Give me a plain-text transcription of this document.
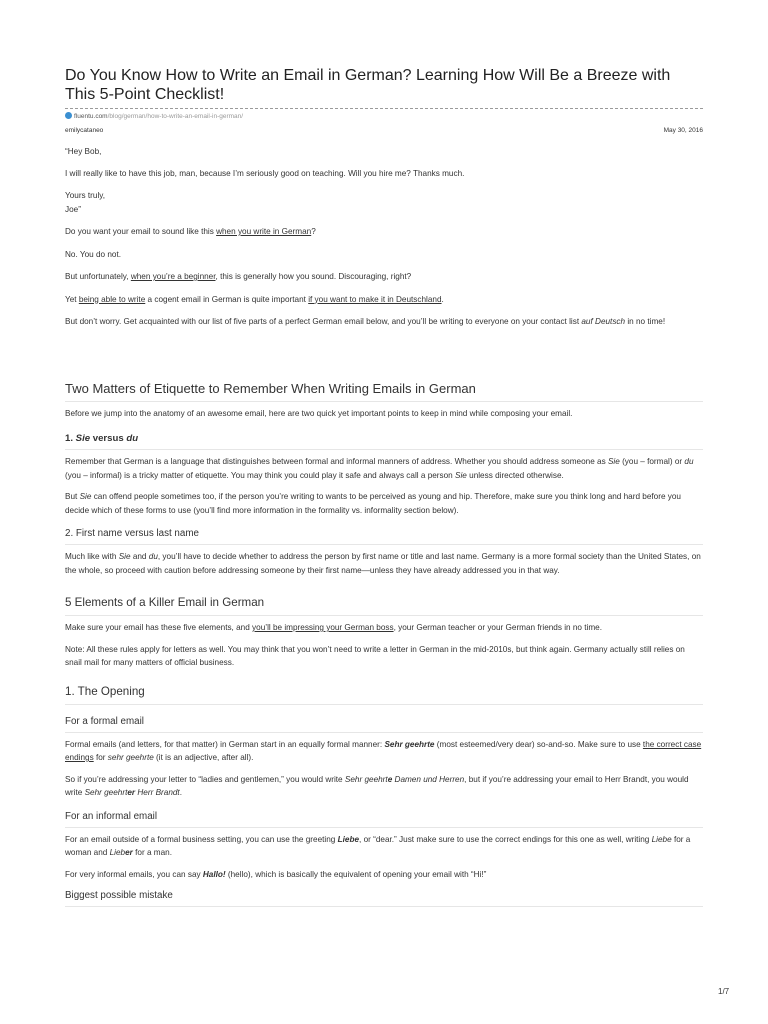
Do You Know How to Write an Email in German? Learning How Will Be a Breeze with This 5-Point Checklist!
fluentu.com/blog/german/how-to-write-an-email-in-german/
emilycataneo	May 30, 2016

“Hey Bob,

I will really like to have this job, man, because I’m seriously good on teaching. Will you hire me? Thanks much.

Yours truly,
Joe”

Do you want your email to sound like this when you write in German?

No. You do not.

But unfortunately, when you’re a beginner, this is generally how you sound. Discouraging, right?

Yet being able to write a cogent email in German is quite important if you want to make it in Deutschland.

But don’t worry. Get acquainted with our list of five parts of a perfect German email below, and you’ll be writing to everyone on your contact list auf Deutsch in no time!

Two Matters of Etiquette to Remember When Writing Emails in German

Before we jump into the anatomy of an awesome email, here are two quick yet important points to keep in mind while composing your email.

1. Sie versus du

Remember that German is a language that distinguishes between formal and informal manners of address. Whether you should address someone as Sie (you – formal) or du (you – informal) is a tricky matter of etiquette. You may think you could play it safe and always call a person Sie unless directed otherwise.

But Sie can offend people sometimes too, if the person you’re writing to wants to be perceived as young and hip. Therefore, make sure you think long and hard before you decide which of these forms to use (you’ll find more information in the formality vs. informality section below).

2. First name versus last name

Much like with Sie and du, you’ll have to decide whether to address the person by first name or title and last name. Germany is a more formal society than the United States, on the whole, so proceed with caution before addressing someone by their first name—unless they have already addressed you in that way.

5 Elements of a Killer Email in German

Make sure your email has these five elements, and you’ll be impressing your German boss, your German teacher or your German friends in no time.

Note: All these rules apply for letters as well. You may think that you won’t need to write a letter in German in the mid-2010s, but think again. Germany actually still relies on snail mail for many matters of official business.

1. The Opening
For a formal email

Formal emails (and letters, for that matter) in German start in an equally formal manner: Sehr geehrte (most esteemed/very dear) so-and-so. Make sure to use the correct case endings for sehr geehrte (it is an adjective, after all).

So if you’re addressing your letter to “ladies and gentlemen,” you would write Sehr geehrte Damen und Herren, but if you’re addressing your email to Herr Brandt, you would write Sehr geehrter Herr Brandt.

For an informal email

For an email outside of a formal business setting, you can use the greeting Liebe, or “dear.” Just make sure to use the correct endings for this one as well, writing Liebe for a woman and Lieber for a man.

For very informal emails, you can say Hallo! (hello), which is basically the equivalent of opening your email with “Hi!”

Biggest possible mistake
1/7
